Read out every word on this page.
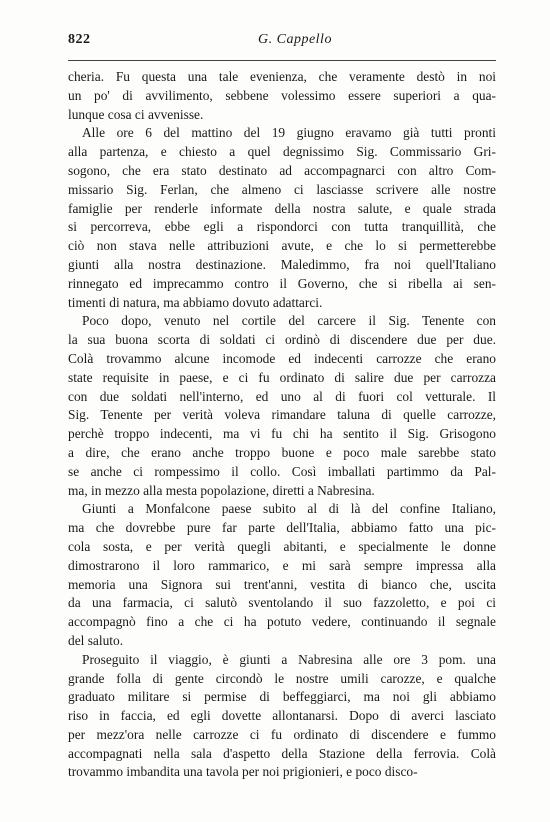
822	G. Cappello
cheria. Fu questa una tale evenienza, che veramente destò in noi
un po' di avvilimento, sebbene volessimo essere superiori a qua-
lunque cosa ci avvenisse.
Alle ore 6 del mattino del 19 giugno eravamo già tutti pronti
alla partenza, e chiesto a quel degnissimo Sig. Commissario Gri-
sogono, che era stato destinato ad accompagnarci con altro Com-
missario Sig. Ferlan, che almeno ci lasciasse scrivere alle nostre
famiglie per renderle informate della nostra salute, e quale strada
si percorreva, ebbe egli a rispondorci con tutta tranquillità, che
ciò non stava nelle attribuzioni avute, e che lo si permetterebbe
giunti alla nostra destinazione. Maledimmo, fra noi quell'Italiano
rinnegato ed imprecammo contro il Governo, che si ribella ai sen-
timenti di natura, ma abbiamo dovuto adattarci.
Poco dopo, venuto nel cortile del carcere il Sig. Tenente con
la sua buona scorta di soldati ci ordinò di discendere due per due.
Colà trovammo alcune incomode ed indecenti carrozze che erano
state requisite in paese, e ci fu ordinato di salire due per carrozza
con due soldati nell'interno, ed uno al di fuori col vetturale. Il
Sig. Tenente per verità voleva rimandare taluna di quelle carrozze,
perchè troppo indecenti, ma vi fu chi ha sentito il Sig. Grisogono
a dire, che erano anche troppo buone e poco male sarebbe stato
se anche ci rompessimo il collo. Così imballati partimmo da Pal-
ma, in mezzo alla mesta popolazione, diretti a Nabresina.
Giunti a Monfalcone paese subito al di là del confine Italiano,
ma che dovrebbe pure far parte dell'Italia, abbiamo fatto una pic-
cola sosta, e per verità quegli abitanti, e specialmente le donne
dimostrarono il loro rammarico, e mi sarà sempre impressa alla
memoria una Signora sui trent'anni, vestita di bianco che, uscita
da una farmacia, ci salutò sventolando il suo fazzoletto, e poi ci
accompagnò fino a che ci ha potuto vedere, continuando il segnale
del saluto.
Proseguito il viaggio, è giunti a Nabresina alle ore 3 pom. una
grande folla di gente circondò le nostre umili carozze, e qualche
graduato militare si permise di beffeggiarci, ma noi gli abbiamo
riso in faccia, ed egli dovette allontanarsi. Dopo di averci lasciato
per mezz'ora nelle carrozze ci fu ordinato di discendere e fummo
accompagnati nella sala d'aspetto della Stazione della ferrovia. Colà
trovammo imbandita una tavola per noi prigionieri, e poco disco-
